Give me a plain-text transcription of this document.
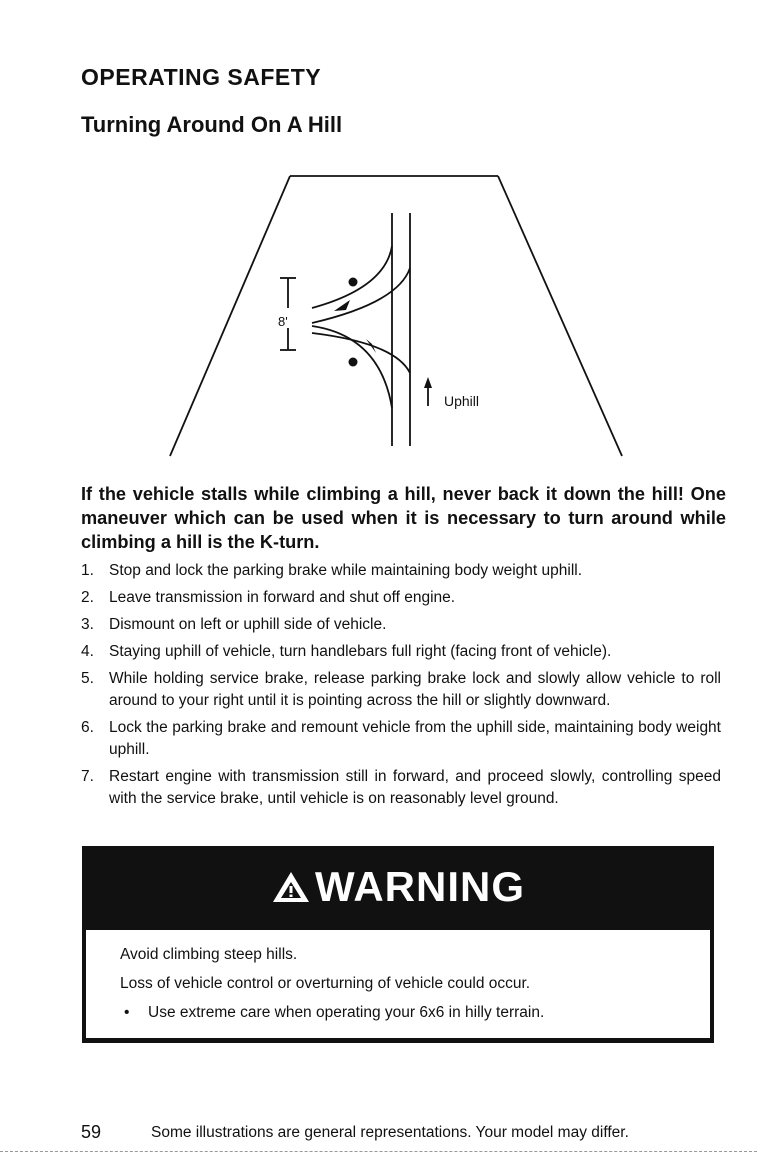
OPERATING SAFETY
Turning Around On A Hill
8'
Uphill

If the vehicle stalls while climbing a hill, never back it down the hill! One maneuver which can be used when it is necessary to turn around while climbing a hill is the K-turn.

1. Stop and lock the parking brake while maintaining body weight uphill.
2. Leave transmission in forward and shut off engine.
3. Dismount on left or uphill side of vehicle.
4. Staying uphill of vehicle, turn handlebars full right (facing front of vehicle).
5. While holding service brake, release parking brake lock and slowly allow vehicle to roll around to your right until it is pointing across the hill or slightly downward.
6. Lock the parking brake and remount vehicle from the uphill side, maintaining body weight uphill.
7. Restart engine with transmission still in forward, and proceed slowly, controlling speed with the service brake, until vehicle is on reasonably level ground.
WARNING

Avoid climbing steep hills.

Loss of vehicle control or overturning of vehicle could occur.

• Use extreme care when operating your 6x6 in hilly terrain.

59	Some illustrations are general representations. Your model may differ.
